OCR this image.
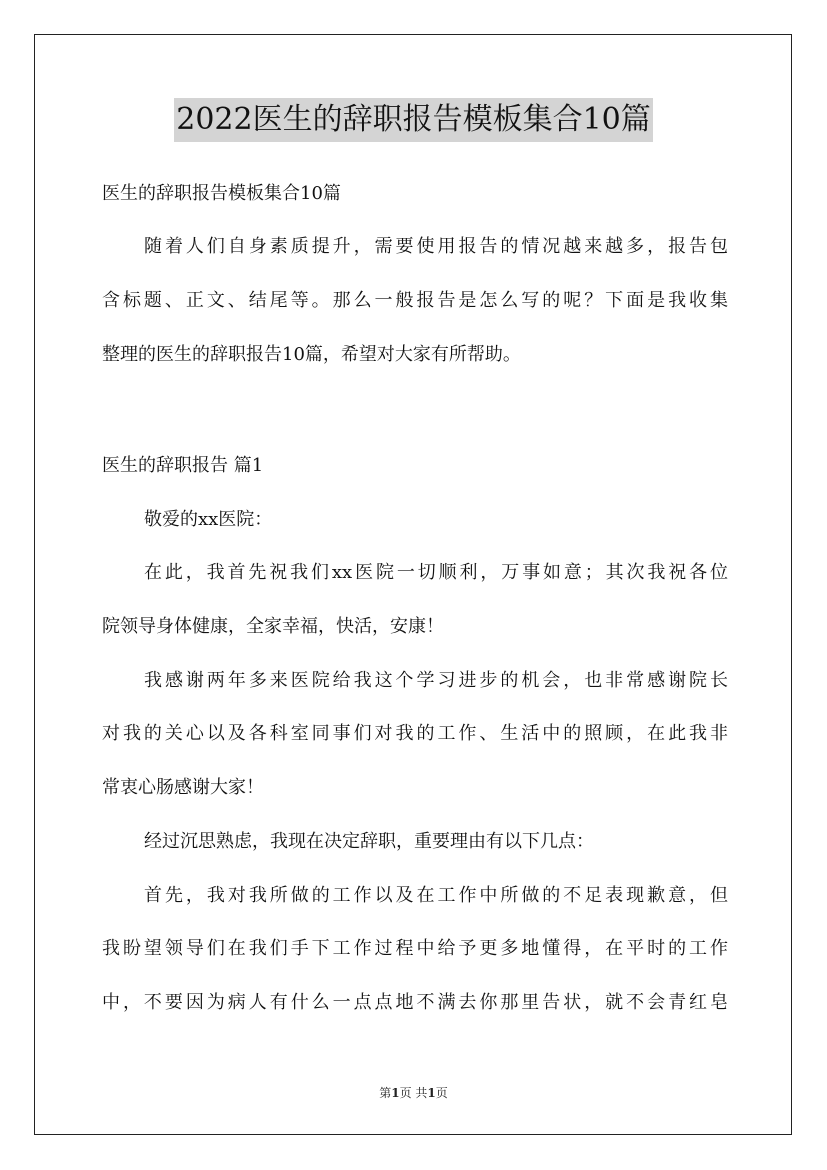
2022医生的辞职报告模板集合10篇
医生的辞职报告模板集合10篇
随着人们自身素质提升，需要使用报告的情况越来越多，报告包
含标题、正文、结尾等。那么一般报告是怎么写的呢？下面是我收集
整理的医生的辞职报告10篇，希望对大家有所帮助。
医生的辞职报告 篇1
敬爱的xx医院：
在此，我首先祝我们xx医院一切顺利，万事如意；其次我祝各位
院领导身体健康，全家幸福，快活，安康！
我感谢两年多来医院给我这个学习进步的机会，也非常感谢院长
对我的关心以及各科室同事们对我的工作、生活中的照顾，在此我非
常衷心肠感谢大家！
经过沉思熟虑，我现在决定辞职，重要理由有以下几点：
首先，我对我所做的工作以及在工作中所做的不足表现歉意，但
我盼望领导们在我们手下工作过程中给予更多地懂得，在平时的工作
中，不要因为病人有什么一点点地不满去你那里告状，就不会青红皂
第1页 共1页
